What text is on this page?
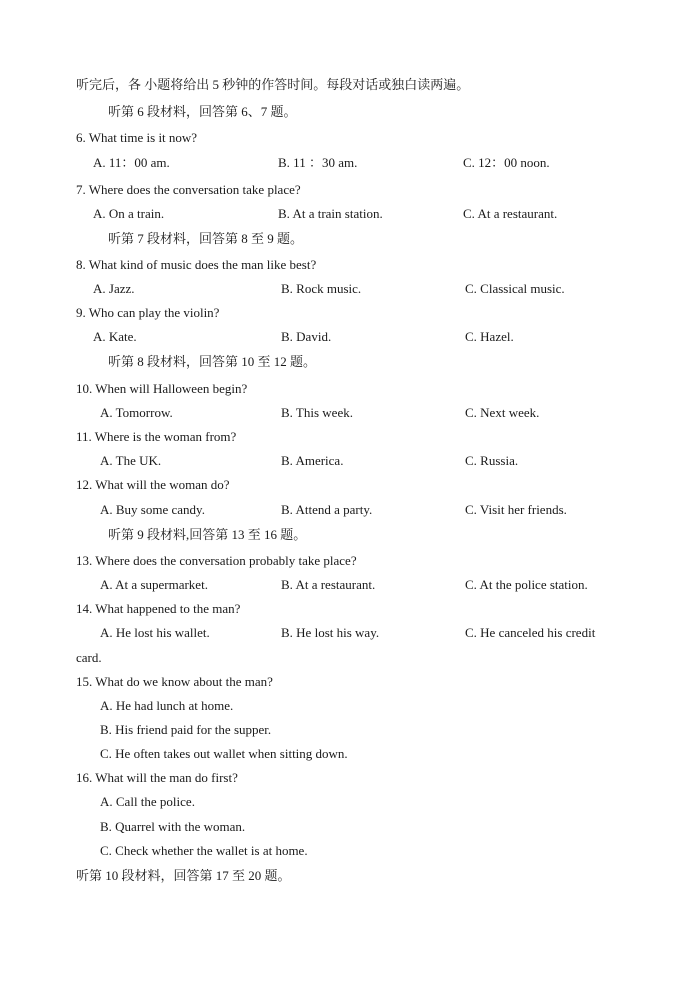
听完后，各 小题将给出 5 秒钟的作答时间。每段对话或独白读两遍。
听第 6 段材料，回答第 6、7 题。
6. What time is it now?
A. 11：00 am.	B. 11 ：30 am.	C. 12：00 noon.
7. Where does the conversation take place?
A. On a train.	B. At a train station.	C. At a restaurant.
听第 7 段材料，回答第 8 至 9 题。
8. What kind of music does the man like best?
A. Jazz.	B. Rock music.	C. Classical music.
9. Who can play the violin?
A. Kate.	B. David.	C. Hazel.
听第 8 段材料，回答第 10 至 12 题。
10. When will Halloween begin?
A. Tomorrow.	B. This week.	C. Next week.
11. Where is the woman from?
A. The UK.	B. America.	C. Russia.
12. What will the woman do?
A. Buy some candy.	B. Attend a party.	C. Visit her friends.
听第 9 段材料,回答第 13 至 16 题。
13. Where does the conversation probably take place?
A. At a supermarket.	B. At a restaurant.	C. At the police station.
14. What happened to the man?
A. He lost his wallet.	B. He lost his way.	C. He canceled his credit
card.
15. What do we know about the man?
A. He had lunch at home.
B. His friend paid for the supper.
C. He often takes out wallet when sitting down.
16. What will the man do first?
A. Call the police.
B. Quarrel with the woman.
C. Check whether the wallet is at home.
听第 10 段材料，回答第 17 至 20 题。
